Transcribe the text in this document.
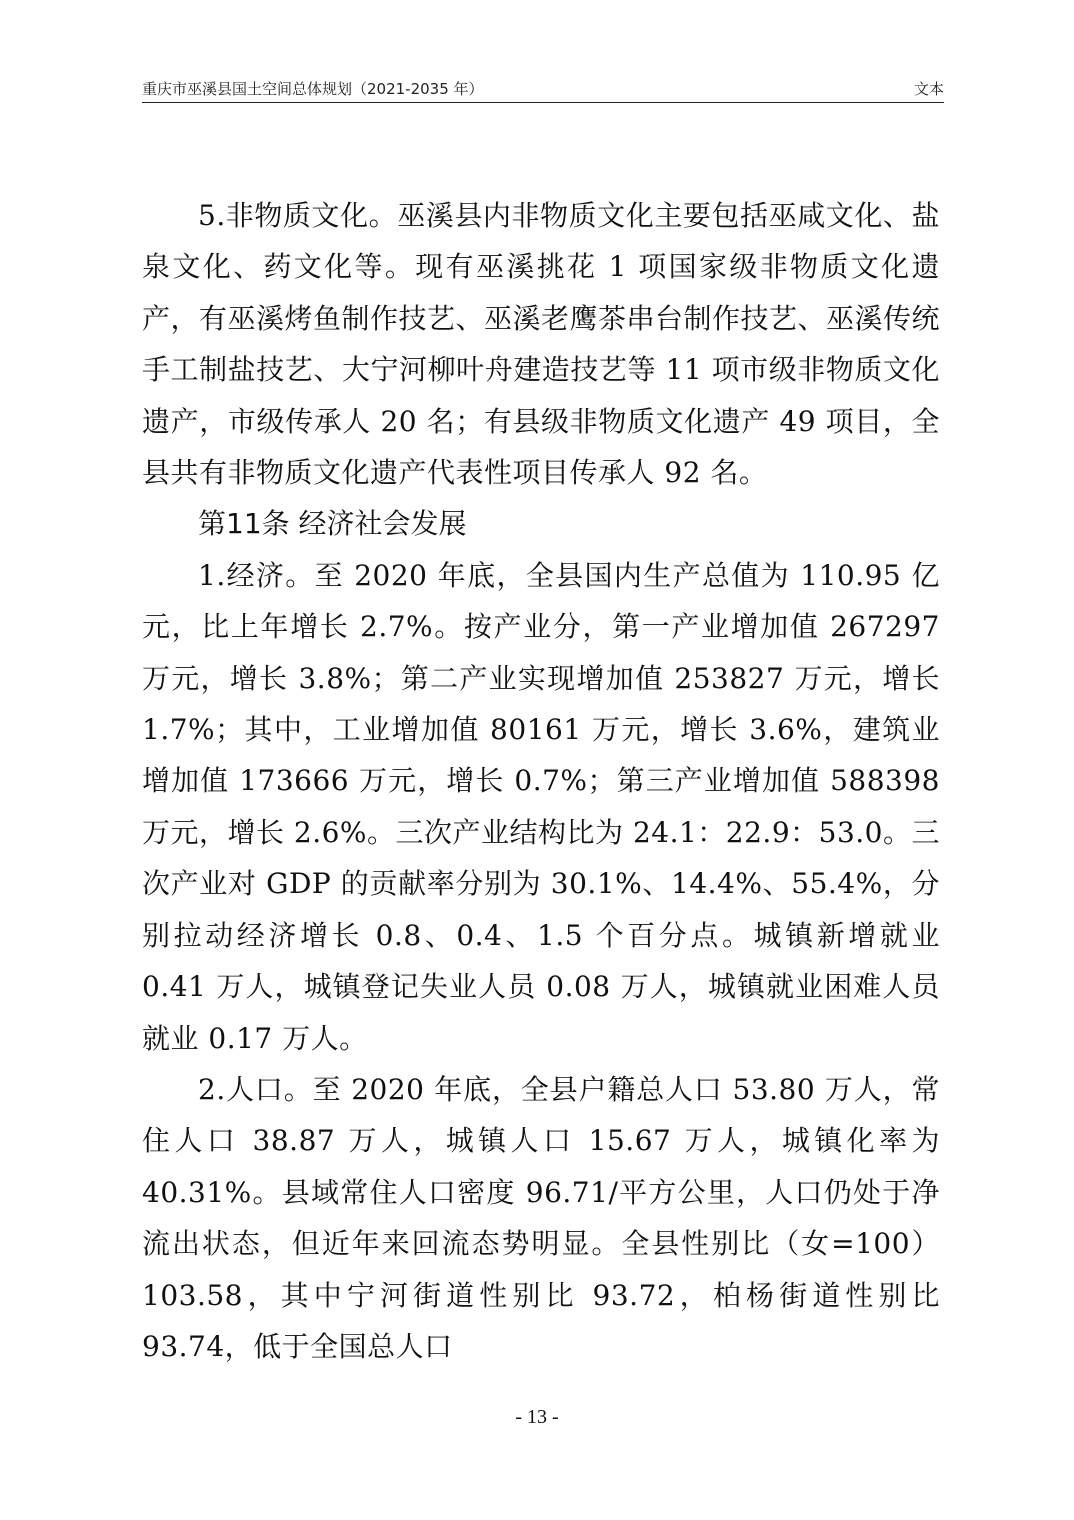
重庆市巫溪县国土空间总体规划（2021-2035 年）	文本

5.非物质文化。巫溪县内非物质文化主要包括巫咸文化、盐泉文化、药文化等。现有巫溪挑花 1 项国家级非物质文化遗产，有巫溪烤鱼制作技艺、巫溪老鹰茶串台制作技艺、巫溪传统手工制盐技艺、大宁河柳叶舟建造技艺等 11 项市级非物质文化遗产，市级传承人 20 名；有县级非物质文化遗产 49 项目，全县共有非物质文化遗产代表性项目传承人 92 名。

第11条 经济社会发展

1.经济。至 2020 年底，全县国内生产总值为 110.95 亿元，比上年增长 2.7%。按产业分，第一产业增加值 267297 万元，增长 3.8%；第二产业实现增加值 253827 万元，增长 1.7%；其中，工业增加值 80161 万元，增长 3.6%，建筑业增加值 173666 万元，增长 0.7%；第三产业增加值 588398 万元，增长 2.6%。三次产业结构比为 24.1：22.9：53.0。三次产业对 GDP 的贡献率分别为 30.1%、14.4%、55.4%，分别拉动经济增长 0.8、0.4、1.5 个百分点。城镇新增就业 0.41 万人，城镇登记失业人员 0.08 万人，城镇就业困难人员就业 0.17 万人。

2.人口。至 2020 年底，全县户籍总人口 53.80 万人，常住人口 38.87 万人，城镇人口 15.67 万人，城镇化率为 40.31%。县域常住人口密度 96.71/平方公里，人口仍处于净流出状态，但近年来回流态势明显。全县性别比（女=100）103.58，其中宁河街道性别比 93.72，柏杨街道性别比 93.74，低于全国总人口

- 13 -
